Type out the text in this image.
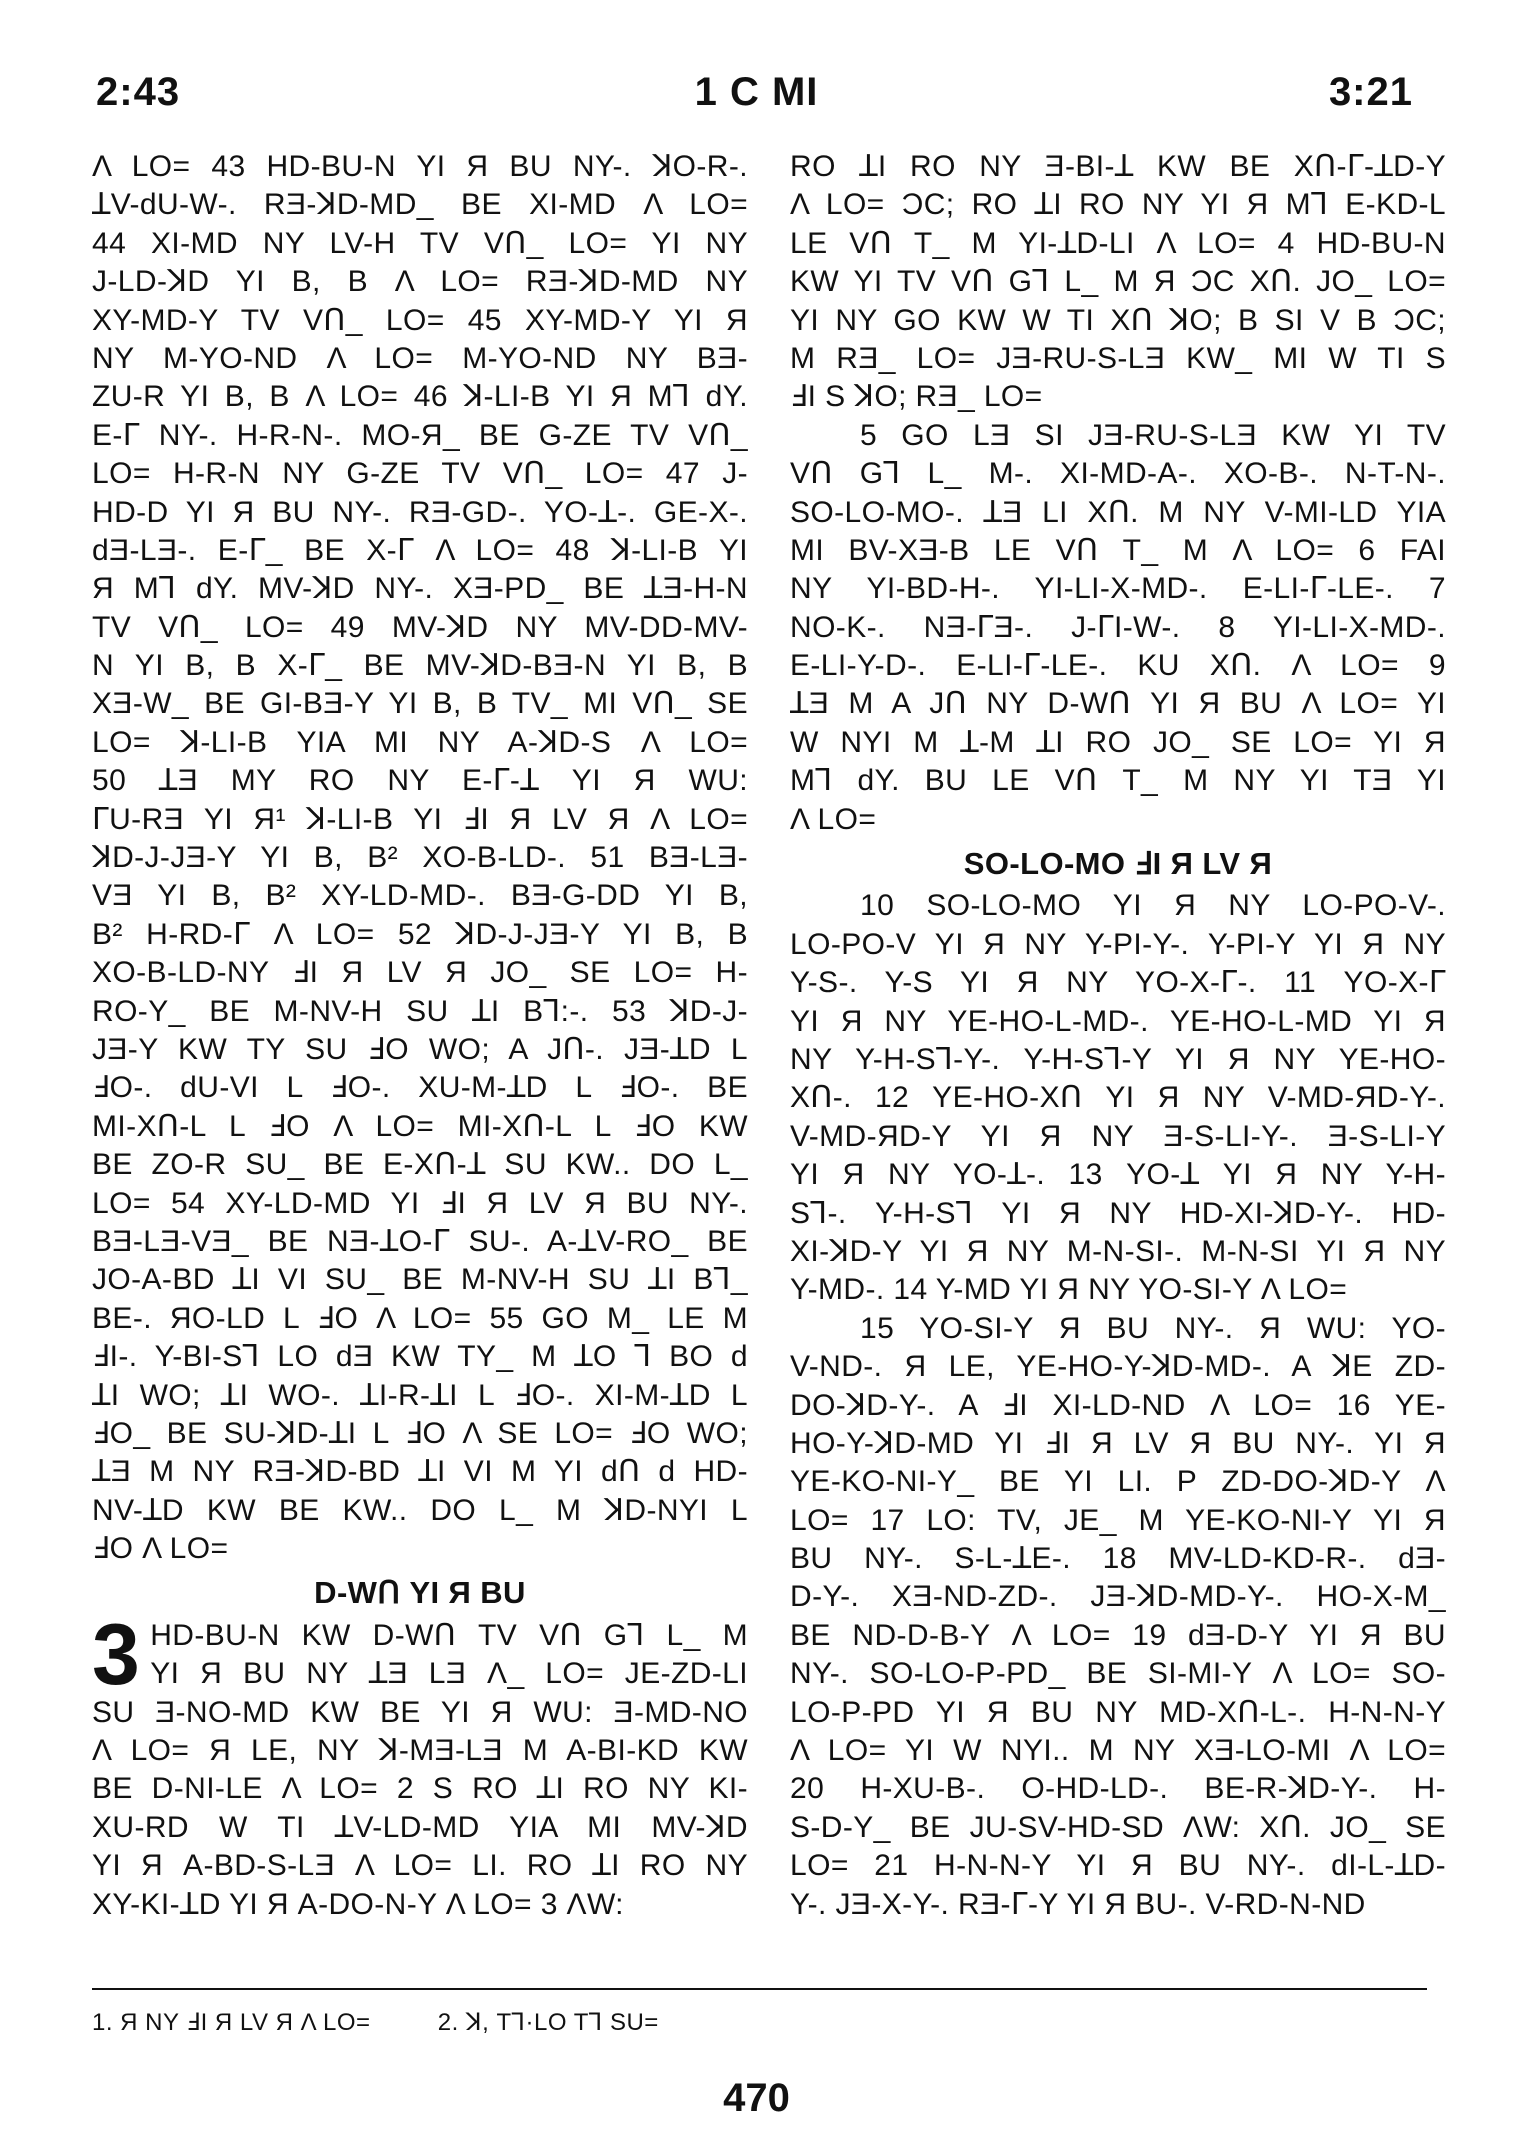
2:43	1 C MI	3:21
Λ LO= 43 HD-BU-N YI Я BU NY-. ꓘO-R-.
ꓕV-dU-W-. RƎ-ꓘD-MD_ BE XI-MD Λ LO=
44 XI-MD NY LV-H TV VՈ_ LO= YI NY
J-LD-ꓘD YI B, B Λ LO= RƎ-ꓘD-MD NY
XY-MD-Y TV VՈ_ LO= 45 XY-MD-Y YI Я
NY M-YO-ND Λ LO= M-YO-ND NY BƎ-
ZU-R YI B, B Λ LO= 46 ꓘ-LI-B YI Я Mꓶ dY.
E-ᒥ NY-. H-R-N-. MO-Я_ BE G-ZE TV VՈ_
LO= H-R-N NY G-ZE TV VՈ_ LO= 47 J-
HD-D YI Я BU NY-. RƎ-GD-. YO-ꓕ-. GE-X-.
dƎ-LƎ-. E-ᒥ_ BE X-ᒥ Λ LO= 48 ꓘ-LI-B YI
Я Mꓶ dY. MV-ꓘD NY-. XƎ-PD_ BE ꓕƎ-H-N
TV VՈ_ LO= 49 MV-ꓘD NY MV-DD-MV-
N YI B, B X-ᒥ_ BE MV-ꓘD-BƎ-N YI B, B
XƎ-W_ BE GI-BƎ-Y YI B, B TV_ MI VՈ_ SE
LO= ꓘ-LI-B YIA MI NY A-ꓘD-S Λ LO=
50 ꓕƎ MY RO NY E-ᒥ-ꓕ YI Я WU:
ᒥU-RƎ YI Я¹ ꓘ-LI-B YI ꓞI Я LV Я Λ LO=
ꓘD-J-JƎ-Y YI B, B² XO-B-LD-. 51 BƎ-LƎ-
VƎ YI B, B² XY-LD-MD-. BƎ-G-DD YI B,
B² H-RD-ᒥ Λ LO= 52 ꓘD-J-JƎ-Y YI B, B
XO-B-LD-NY ꓞI Я LV Я JO_ SE LO= H-
RO-Y_ BE M-NV-H SU ꓕI Bꓶ:-. 53 ꓘD-J-
JƎ-Y KW TY SU ꓞO WO; A JՈ-. JƎ-ꓕD L
ꓞO-. dU-VI L ꓞO-. XU-M-ꓕD L ꓞO-. BE
MI-XՈ-L L ꓞO Λ LO= MI-XՈ-L L ꓞO KW
BE ZO-R SU_ BE E-XՈ-ꓕ SU KW.. DO L_
LO= 54 XY-LD-MD YI ꓞI Я LV Я BU NY-.
BƎ-LƎ-VƎ_ BE NƎ-ꓕO-ᒥ SU-. A-ꓕV-RO_ BE
JO-A-BD ꓕI VI SU_ BE M-NV-H SU ꓕI Bꓶ_
BE-. ЯO-LD L ꓞO Λ LO= 55 GO M_ LE M
ꓞI-. Y-BI-Sꓶ LO dƎ KW TY_ M ꓕO ꓶ BO d
ꓕI WO; ꓕI WO-. ꓕI-R-ꓕI L ꓞO-. XI-M-ꓕD L
ꓞO_ BE SU-ꓘD-ꓕI L ꓞO Λ SE LO= ꓞO WO;
ꓕƎ M NY RƎ-ꓘD-BD ꓕI VI M YI dՈ d HD-
NV-ꓕD KW BE KW.. DO L_ M ꓘD-NYI L
ꓞO Λ LO=
D-WՈ YI Я BU
3 HD-BU-N KW D-WՈ TV VՈ Gꓶ L_ M
YI Я BU NY ꓕƎ LƎ Λ_ LO= JE-ZD-LI
SU Ǝ-NO-MD KW BE YI Я WU: Ǝ-MD-NO
Λ LO= Я LE, NY ꓘ-MƎ-LƎ M A-BI-KD KW
BE D-NI-LE Λ LO= 2 S RO ꓕI RO NY KI-
XU-RD W TI ꓕV-LD-MD YIA MI MV-ꓘD
YI Я A-BD-S-LƎ Λ LO= LI. RO ꓕI RO NY
XY-KI-ꓕD YI Я A-DO-N-Y Λ LO= 3 ΛW:
RO ꓕI RO NY Ǝ-BI-ꓕ KW BE XՈ-ᒥ-ꓕD-Y
Λ LO= ƆC; RO ꓕI RO NY YI Я Mꓶ E-KD-L
LE VՈ T_ M YI-ꓕD-LI Λ LO= 4 HD-BU-N
KW YI TV VՈ Gꓶ L_ M Я ƆC XՈ. JO_ LO=
YI NY GO KW W TI XՈ ꓘO; B SI V B ƆC;
M RƎ_ LO= JƎ-RU-S-LƎ KW_ MI W TI S
ꓞI S ꓘO; RƎ_ LO=
5 GO LƎ SI JƎ-RU-S-LƎ KW YI TV
VՈ Gꓶ L_ M-. XI-MD-A-. XO-B-. N-T-N-.
SO-LO-MO-. ꓕƎ LI XՈ. M NY V-MI-LD YIA
MI BV-XƎ-B LE VՈ T_ M Λ LO= 6 FAI
NY YI-BD-H-. YI-LI-X-MD-. E-LI-ᒥ-LE-. 7
NO-K-. NƎ-ᒥƎ-. J-ᒥI-W-. 8 YI-LI-X-MD-.
E-LI-Y-D-. E-LI-ᒥ-LE-. KU XՈ. Λ LO= 9
ꓕƎ M A JՈ NY D-WՈ YI Я BU Λ LO= YI
W NYI M ꓕ-M ꓕI RO JO_ SE LO= YI Я
Mꓶ dY. BU LE VՈ T_ M NY YI TƎ YI
Λ LO=
SO-LO-MO ꓞI Я LV Я
10 SO-LO-MO YI Я NY LO-PO-V-.
LO-PO-V YI Я NY Y-PI-Y-. Y-PI-Y YI Я NY
Y-S-. Y-S YI Я NY YO-X-ᒥ-. 11 YO-X-ᒥ
YI Я NY YE-HO-L-MD-. YE-HO-L-MD YI Я
NY Y-H-Sꓶ-Y-. Y-H-Sꓶ-Y YI Я NY YE-HO-
XՈ-. 12 YE-HO-XՈ YI Я NY V-MD-ЯD-Y-.
V-MD-ЯD-Y YI Я NY Ǝ-S-LI-Y-. Ǝ-S-LI-Y
YI Я NY YO-ꓕ-. 13 YO-ꓕ YI Я NY Y-H-
Sꓶ-. Y-H-Sꓶ YI Я NY HD-XI-ꓘD-Y-. HD-
XI-ꓘD-Y YI Я NY M-N-SI-. M-N-SI YI Я NY
Y-MD-. 14 Y-MD YI Я NY YO-SI-Y Λ LO=
15 YO-SI-Y Я BU NY-. Я WU: YO-
V-ND-. Я LE, YE-HO-Y-ꓘD-MD-. A ꓘE ZD-
DO-ꓘD-Y-. A ꓞI XI-LD-ND Λ LO= 16 YE-
HO-Y-ꓘD-MD YI ꓞI Я LV Я BU NY-. YI Я
YE-KO-NI-Y_ BE YI LI. P ZD-DO-ꓘD-Y Λ
LO= 17 LO: TV, JE_ M YE-KO-NI-Y YI Я
BU NY-. S-L-ꓕE-. 18 MV-LD-KD-R-. dƎ-
D-Y-. XƎ-ND-ZD-. JƎ-ꓘD-MD-Y-. HO-X-M_
BE ND-D-B-Y Λ LO= 19 dƎ-D-Y YI Я BU
NY-. SO-LO-P-PD_ BE SI-MI-Y Λ LO= SO-
LO-P-PD YI Я BU NY MD-XՈ-L-. H-N-N-Y
Λ LO= YI W NYI.. M NY XƎ-LO-MI Λ LO=
20 H-XU-B-. O-HD-LD-. BE-R-ꓘD-Y-. H-
S-D-Y_ BE JU-SV-HD-SD ΛW: XՈ. JO_ SE
LO= 21 H-N-N-Y YI Я BU NY-. dI-L-ꓕD-
Y-. JƎ-X-Y-. RƎ-ᒥ-Y YI Я BU-. V-RD-N-ND
1. Я NY ꓞI Я LV Я Λ LO=	2. ꓘ, Tꓶ·LO Tꓶ SU=
470
